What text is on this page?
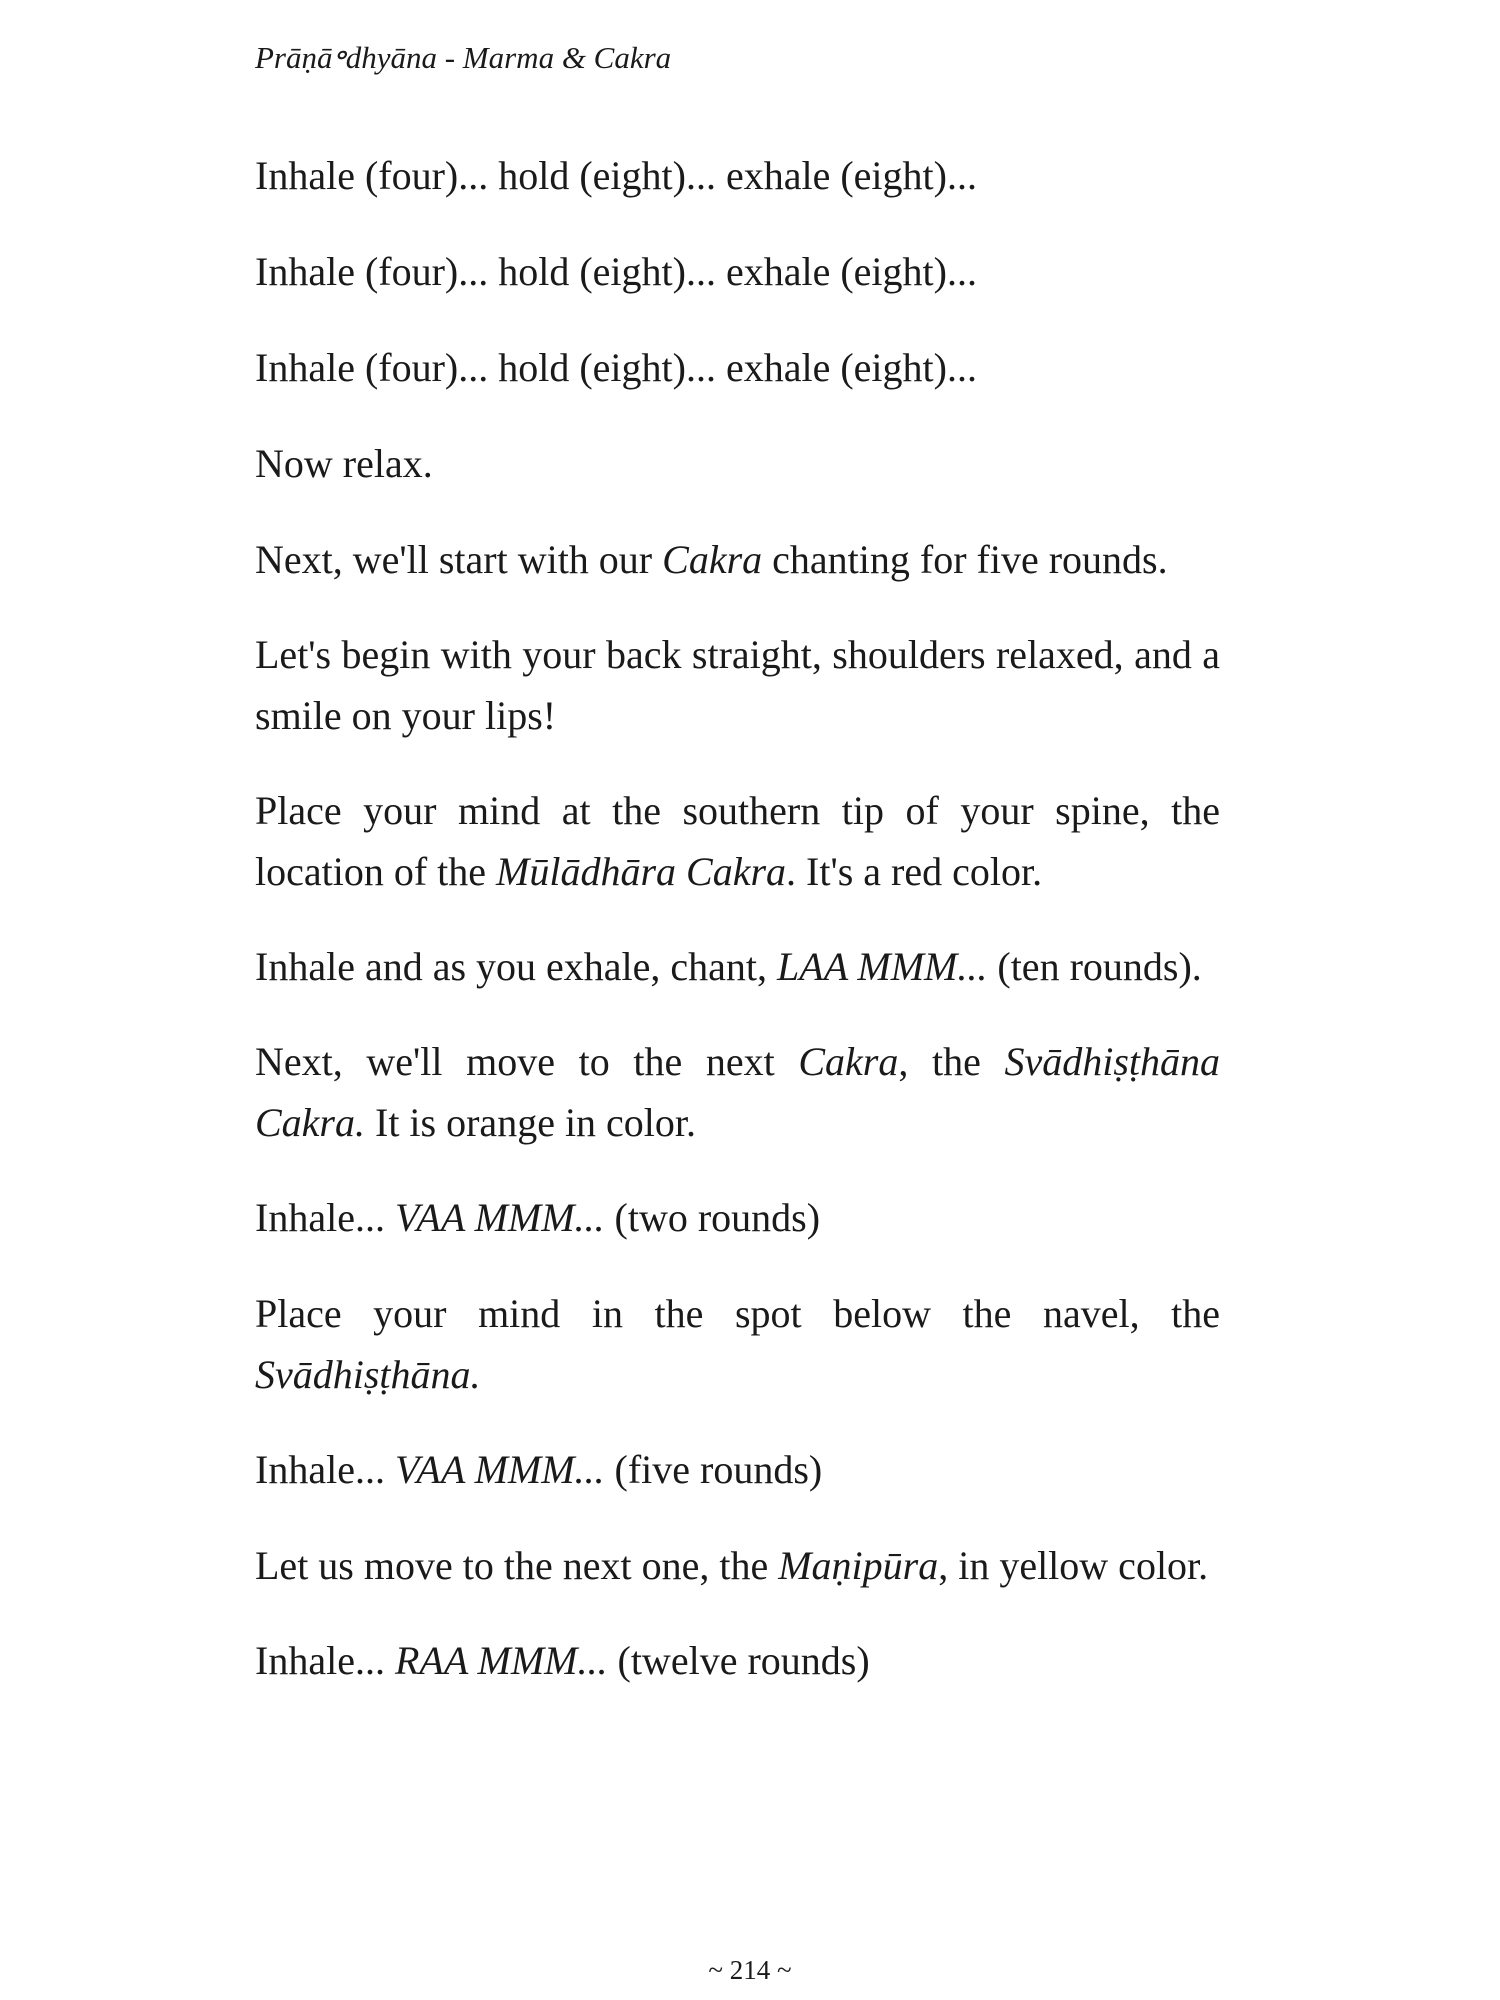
Prāṇā॰dhyāna - Marma & Cakra

Inhale (four)... hold (eight)... exhale (eight)...

Inhale (four)... hold (eight)... exhale (eight)...

Inhale (four)... hold (eight)... exhale (eight)...

Now relax.

Next, we'll start with our Cakra chanting for five rounds.

Let's begin with your back straight, shoulders relaxed, and a smile on your lips!

Place your mind at the southern tip of your spine, the location of the Mūlādhāra Cakra. It's a red color.

Inhale and as you exhale, chant, LAA MMM... (ten rounds).

Next, we'll move to the next Cakra, the Svādhiṣṭhāna Cakra. It is orange in color.

Inhale... VAA MMM... (two rounds)

Place your mind in the spot below the navel, the Svādhiṣṭhāna.

Inhale... VAA MMM... (five rounds)

Let us move to the next one, the Maṇipūra, in yellow color.

Inhale... RAA MMM... (twelve rounds)

~ 214 ~
